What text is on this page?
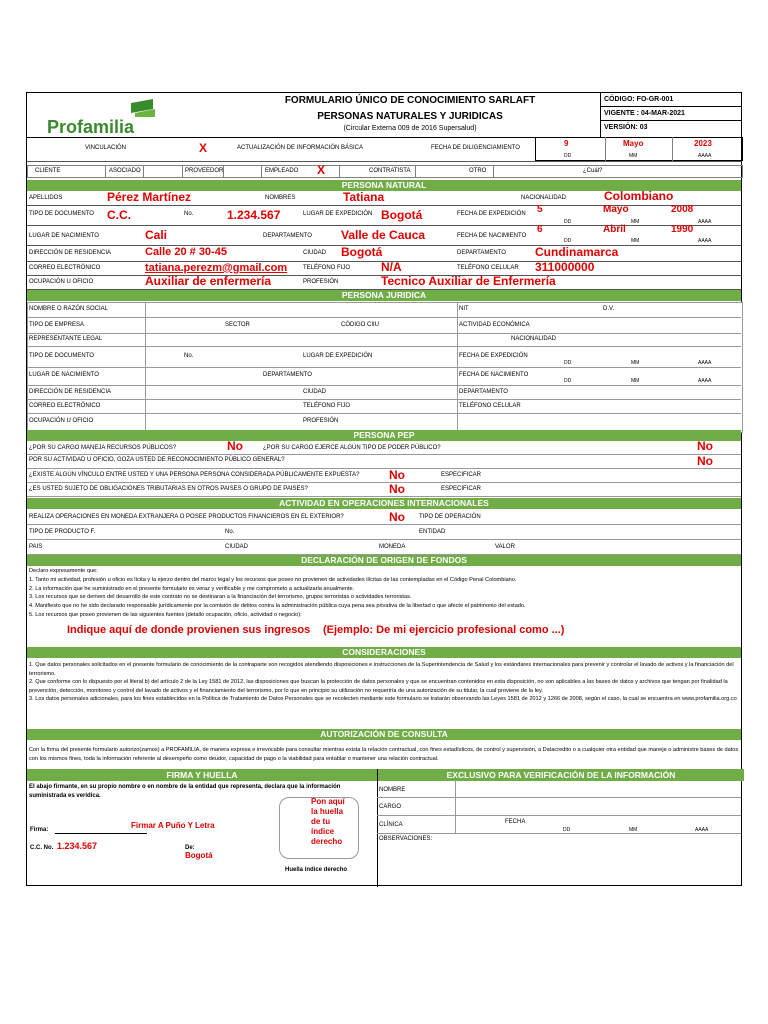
Profamilia
FORMULARIO ÚNICO DE CONOCIMIENTO SARLAFT
PERSONAS NATURALES Y JURIDICAS
(Circular Externa 009 de 2016 Supersalud)
CÓDIGO: FO-GR-001
VIGENTE : 04-MAR-2021
VERSIÓN: 03
VINCULACIÓN	X	ACTUALIZACIÓN DE INFORMACIÓN BÁSICA	FECHA DE DILIGENCIAMIENTO	9	Mayo	2023
DD	MM	AAAA
CLIENTE	ASOCIADO	PROVEEDOR	EMPLEADO X	CONTRATISTA	OTRO	¿Cuál?
PERSONA NATURAL
APELLIDOS	Pérez Martínez	NOMBRES	Tatiana	NACIONALIDAD	Colombiano
TIPO DE DOCUMENTO C.C.	No.	1.234.567	LUGAR DE EXPEDICIÓN Bogotá	FECHA DE EXPEDICIÓN 5	Mayo	2008
DD	MM	AAAA
LUGAR DE NACIMIENTO	Cali	DEPARTAMENTO Valle de Cauca	FECHA DE NACIMIENTO
6	Abril	1990
DD	MM	AAAA
DIRECCIÓN DE RESIDENCIA	Calle 20 # 30-45	CIUDAD Bogotá	DEPARTAMENTO Cundinamarca
CORREO ELECTRÓNICO	tatiana.perezm@gmail.com	TELÉFONO FIJO	N/A	TELÉFONO CELULAR 311000000
OCUPACIÓN U OFICIO	Auxiliar de enfermería	PROFESIÓN	Tecnico Auxiliar de Enfermería
PERSONA JURIDICA
NOMBRE O RAZÓN SOCIAL	NIT	D.V.
TIPO DE EMPRESA	SECTOR	CÓDIGO CIIU	ACTIVIDAD ECONÓMICA
REPRESENTANTE LEGAL	NACIONALIDAD
TIPO DE DOCUMENTO	No.	LUGAR DE EXPEDICIÓN	FECHA DE EXPEDICIÓN
DD	MM	AAAA
LUGAR DE NACIMIENTO	DEPARTAMENTO	FECHA DE NACIMIENTO
DD	MM	AAAA
DIRECCIÓN DE RESIDENCIA	CIUDAD	DEPARTAMENTO
CORREO ELECTRÓNICO	TELÉFONO FIJO	TELÉFONO CELULAR
OCUPACIÓN U OFICIO	PROFESIÓN
PERSONA PEP
¿POR SU CARGO MANEJA RECURSOS PÚBLICOS?	No	¿POR SU CARGO EJERCE ALGÚN TIPO DE PODER PÚBLICO?	No
POR SU ACTIVIDAD U OFICIO, GOZA USTED DE RECONOCIMIENTO PÚBLICO GENERAL?	No
¿EXISTE ALGÚN VÍNCULO ENTRE USTED Y UNA PERSONA PERSONA CONSIDERADA PÚBLICAMENTE EXPUESTA? No	ESPECIFICAR
¿ES USTED SUJETO DE OBLIGACIONES TRIBUTARIAS EN OTROS PAISES O GRUPO DE PAISES?	No	ESPECIFICAR
ACTIVIDAD EN OPERACIONES INTERNACIONALES
REALIZA OPERACIONES EN MONEDA EXTRANJERA O POSEE PRODUCTOS FINANCIEROS EN EL EXTERIOR?	No TIPO DE OPERACIÓN
TIPO DE PRODUCTO F.	No.	ENTIDAD
PAIS	CIUDAD	MONEDA	VALOR
DECLARACIÓN DE ORIGEN DE FONDOS
Declaro expresamente que:
1. Tanto mi actividad, profesión u oficio es lícita y la ejerzo dentro del marco legal y los recursos que poseo no provienen de actividades ilícitas de las contempladas en el Código Penal Colombiano.
2. La información que he suministrado en el presente formulario es veraz y verificable y me comprometo a actualizarla anualmente.
3. Los recursos que se deriven del desarrollo de este contrato no se destinaran a la financiación del terrorismo, grupos terroristas o actividades terroristas.
4. Manifiesto que no he sido declarado responsable jurídicamente por la comisión de delitos contra la administración pública cuya pena sea privativa de la libertad o que afecte el patrimonio del estado.
5. Los recursos que poseo provienen de las siguientes fuentes (detallo ocupación, oficio, actividad o negocio):
Indique aquí de donde provienen sus ingresos (Ejemplo: De mi ejercicio profesional como ...)
CONSIDERACIONES
1. Que datos personales solicitados en el presente formulario de conocimiento de la contraparte son recogidos atendiendo disposiciones e instrucciones de la Superintendencia de Salud y los estándares internacionales para prevenir y controlar el lavado de activos y la financiación del terrorismo.
2. Que conforme con lo dispuesto por el literal b) del artículo 2 de la Ley 1581 de 2012, las disposiciones que buscan la protección de datos personales y que se encuentran contenidos en esta disposición, no son aplicables a las bases de datos y archivos que tengan por finalidad la prevención, detección, monitoreo y control del lavado de activos y el financiamiento del terrorismo, por lo que en principio su utilización no requeriría de una autorización de su titular, la cual proviene de la ley.
3. Los datos personales adicionales, para los fines establecidos en la Política de Tratamiento de Datos Personales que se recolecten mediante este formulario se tratarán observando las Leyes 1581 de 2012 y 1266 de 2008, según el caso, la cual se encuentra en www.profamilia.org.co
AUTORIZACIÓN DE CONSULTA
Con la firma del presente formulario autorizo(zamos) a PROFAMILIA, de manera expresa e irrevocable para consultar mientras exista la relación contractual, con fines estadísticos, de control y supervisión, a Datacredito o a cualquier otra entidad que maneje o administre bases de datos con los mismos fines, toda la información referente al desempeño como deudor, capacidad de pago o la viabilidad para entablar o mantener una relación contractual.
FIRMA Y HUELLA	EXCLUSIVO PARA VERIFICACIÓN DE LA INFORMACIÓN
El abajo firmante, en su propio nombre o en nombre de la entidad que representa, declara que la información suministrada es verídica.
Firma:	Firmar A Puño Y Letra
C.C. No. 1.234.567	De:
Bogotá
Pon aquí la huella de tu índice derecho
Huella índice derecho
NOMBRE
CARGO
CLÍNICA	FECHA
DD	MM	AAAA
OBSERVACIONES:
